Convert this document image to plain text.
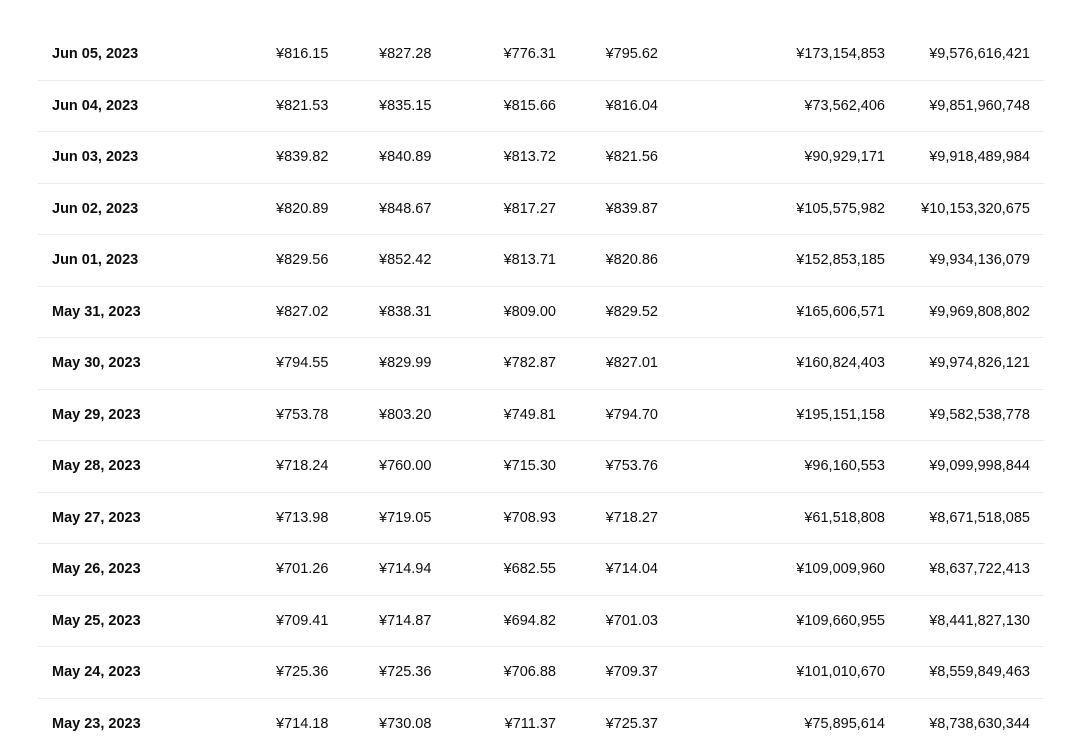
Jun 05, 2023	¥816.15	¥827.28	¥776.31	¥795.62	¥173,154,853	¥9,576,616,421
Jun 04, 2023	¥821.53	¥835.15	¥815.66	¥816.04	¥73,562,406	¥9,851,960,748
Jun 03, 2023	¥839.82	¥840.89	¥813.72	¥821.56	¥90,929,171	¥9,918,489,984
Jun 02, 2023	¥820.89	¥848.67	¥817.27	¥839.87	¥105,575,982 ¥10,153,320,675
Jun 01, 2023	¥829.56	¥852.42	¥813.71	¥820.86	¥152,853,185	¥9,934,136,079
May 31, 2023	¥827.02	¥838.31	¥809.00	¥829.52	¥165,606,571	¥9,969,808,802
May 30, 2023	¥794.55	¥829.99	¥782.87	¥827.01	¥160,824,403	¥9,974,826,121
May 29, 2023	¥753.78	¥803.20	¥749.81	¥794.70	¥195,151,158	¥9,582,538,778
May 28, 2023	¥718.24	¥760.00	¥715.30	¥753.76	¥96,160,553	¥9,099,998,844
May 27, 2023	¥713.98	¥719.05	¥708.93	¥718.27	¥61,518,808	¥8,671,518,085
May 26, 2023	¥701.26	¥714.94	¥682.55	¥714.04	¥109,009,960	¥8,637,722,413
May 25, 2023	¥709.41	¥714.87	¥694.82	¥701.03	¥109,660,955	¥8,441,827,130
May 24, 2023	¥725.36	¥725.36	¥706.88	¥709.37	¥101,010,670	¥8,559,849,463
May 23, 2023	¥714.18	¥730.08	¥711.37	¥725.37	¥75,895,614	¥8,738,630,344
